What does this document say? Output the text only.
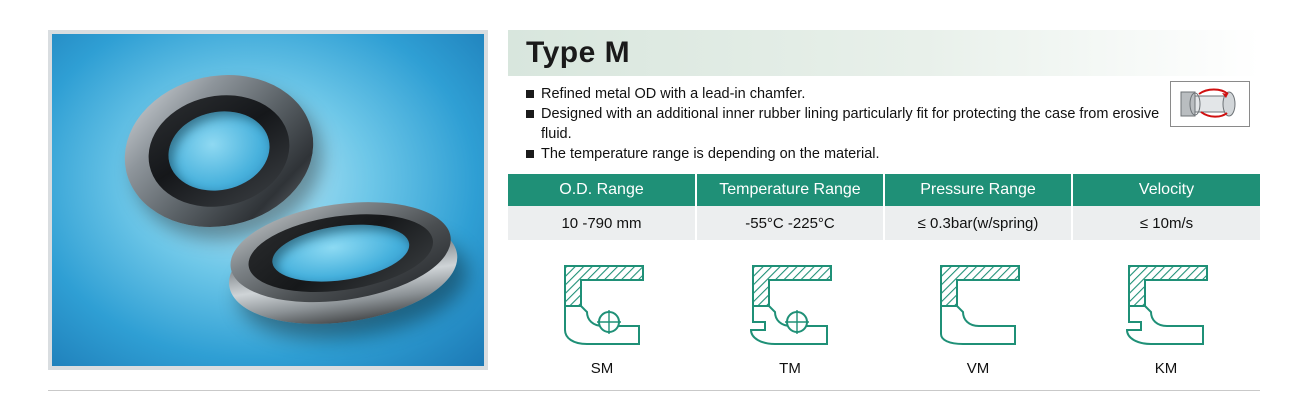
Type M
Refined metal OD with a lead-in chamfer.
Designed with an additional inner rubber lining particularly fit for protecting the case from erosive fluid.
The temperature range is depending on the material.
O.D. Range	Temperature Range	Pressure Range	Velocity
10 -790 mm	-55°C -225°C	≤ 0.3bar(w/spring)	≤ 10m/s
SM	TM	VM	KM
